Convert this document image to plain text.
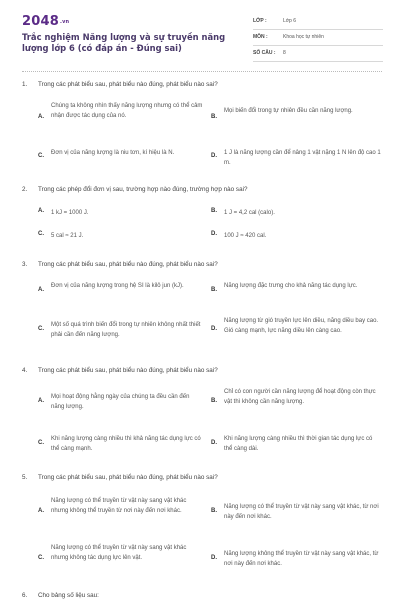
2048.vn
Trắc nghiệm Năng lượng và sự truyền năng lượng lớp 6 (có đáp án - Đúng sai)
LỚP :	Lớp 6
MÔN :	Khoa học tự nhiên
SỐ CÂU : 8
1. Trong các phát biểu sau, phát biểu nào đúng, phát biểu nào sai?
A.
Chúng ta không nhìn thấy năng lượng nhưng có thể cảm nhận được tác dụng của nó.	B.
Mọi biến đổi trong tự nhiên đều cần năng lượng.
C. Đơn vị của năng lượng là niu tơn, kí hiệu là N.	D. 1 J là năng lượng cần để nâng 1 vật nặng 1 N lên độ cao 1 m.
2. Trong các phép đổi đơn vị sau, trường hợp nào đúng, trường hợp nào sai?
A. 1 kJ = 1000 J.	B. 1 J = 4,2 cal (calo).
C. 5 cal ≈ 21 J.	D. 100 J ≈ 420 cal.
3. Trong các phát biểu sau, phát biểu nào đúng, phát biểu nào sai?
A.
Đơn vị của năng lượng trong hệ SI là kilô jun (kJ).
B.
Năng lượng đặc trưng cho khả năng tác dụng lực.
C.
Một số quá trình biến đổi trong tự nhiên không nhất thiết phải cần đến năng lượng.
D.
Năng lượng từ gió truyền lực lên diều, năng diều bay cao. Gió càng mạnh, lực năng diều lên càng cao.
4. Trong các phát biểu sau, phát biểu nào đúng, phát biểu nào sai?
A.
Mọi hoạt động hằng ngày của chúng ta đều cần đến năng lượng.
B.
Chỉ có con người cần năng lượng để hoạt động còn thực vật thì không cần năng lượng.
C.
Khi năng lượng càng nhiều thì khả năng tác dụng lực có thể càng mạnh.
D.
Khi năng lượng càng nhiều thì thời gian tác dụng lực có thể càng dài.
5. Trong các phát biểu sau, phát biểu nào đúng, phát biểu nào sai?
A.
Năng lượng có thể truyền từ vật này sang vật khác nhưng không thể truyền từ nơi này đến nơi khác.	B.
Năng lượng có thể truyền từ vật này sang vật khác, từ nơi này đến nơi khác.
C.
Năng lượng có thể truyền từ vật này sang vật khác nhưng không tác dụng lực lên vật.	D.
Năng lượng không thể truyền từ vật này sang vật khác, từ nơi này đến nơi khác.
6. Cho bảng số liệu sau:
